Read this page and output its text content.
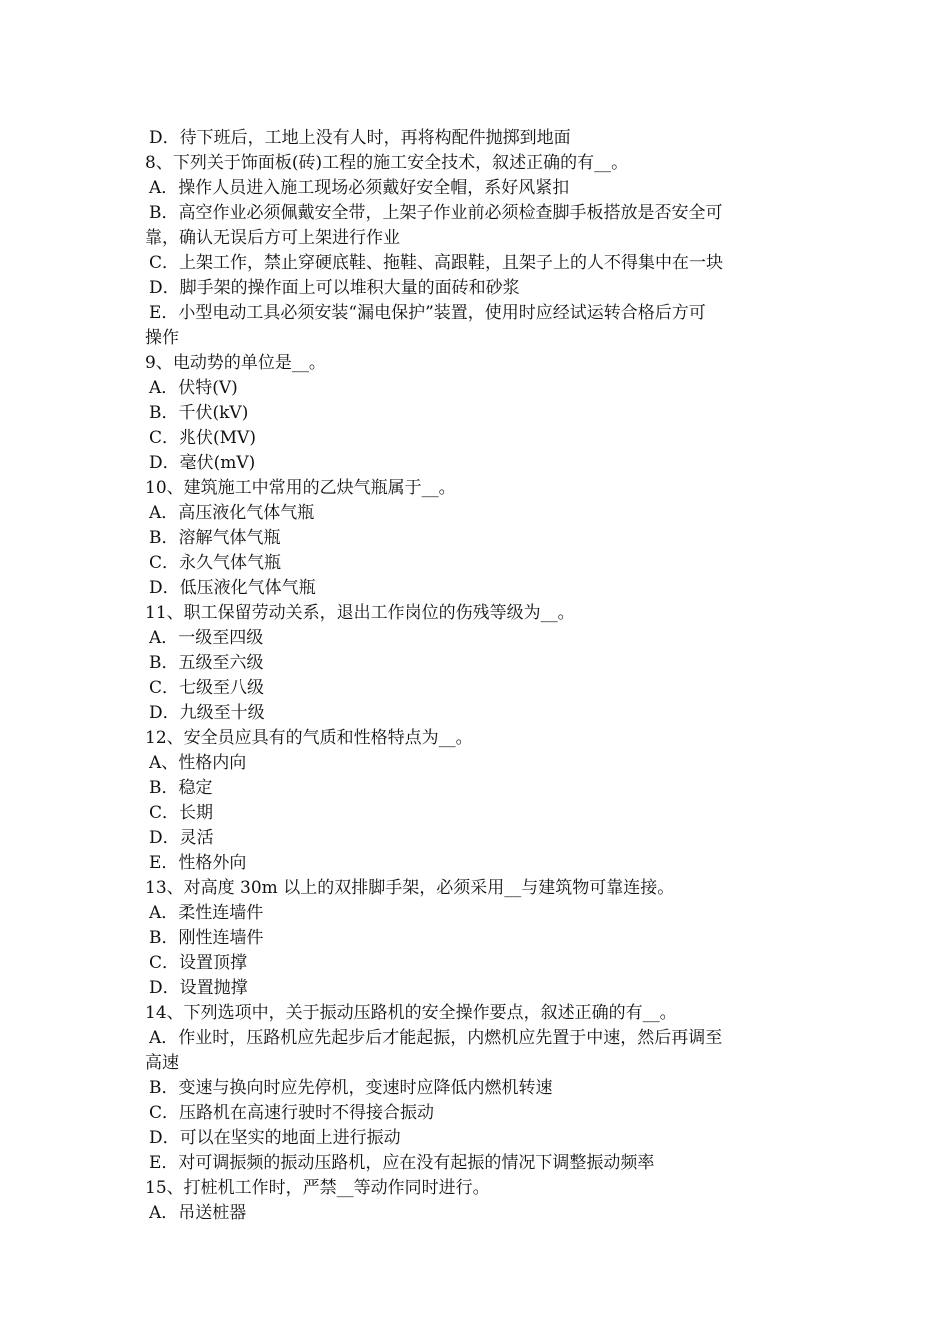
D．待下班后，工地上没有人时，再将构配件抛掷到地面
8、下列关于饰面板(砖)工程的施工安全技术，叙述正确的有__。
A．操作人员进入施工现场必须戴好安全帽，系好风紧扣
B．高空作业必须佩戴安全带，上架子作业前必须检查脚手板搭放是否安全可
靠，确认无误后方可上架进行作业
C．上架工作，禁止穿硬底鞋、拖鞋、高跟鞋，且架子上的人不得集中在一块
D．脚手架的操作面上可以堆积大量的面砖和砂浆
E．小型电动工具必须安装“漏电保护”装置，使用时应经试运转合格后方可
操作
9、电动势的单位是__。
A．伏特(V)
B．千伏(kV)
C．兆伏(MV)
D．毫伏(mV)
10、建筑施工中常用的乙炔气瓶属于__。
A．高压液化气体气瓶
B．溶解气体气瓶
C．永久气体气瓶
D．低压液化气体气瓶
11、职工保留劳动关系，退出工作岗位的伤残等级为__。
A．一级至四级
B．五级至六级
C．七级至八级
D．九级至十级
12、安全员应具有的气质和性格特点为__。
A、性格内向
B．稳定
C．长期
D．灵活
E．性格外向
13、对高度 30m 以上的双排脚手架，必须采用__与建筑物可靠连接。
A．柔性连墙件
B．刚性连墙件
C．设置顶撑
D．设置抛撑
14、下列选项中，关于振动压路机的安全操作要点，叙述正确的有__。
A．作业时，压路机应先起步后才能起振，内燃机应先置于中速，然后再调至
高速
B．变速与换向时应先停机，变速时应降低内燃机转速
C．压路机在高速行驶时不得接合振动
D．可以在坚实的地面上进行振动
E．对可调振频的振动压路机，应在没有起振的情况下调整振动频率
15、打桩机工作时，严禁__等动作同时进行。
A．吊送桩器
